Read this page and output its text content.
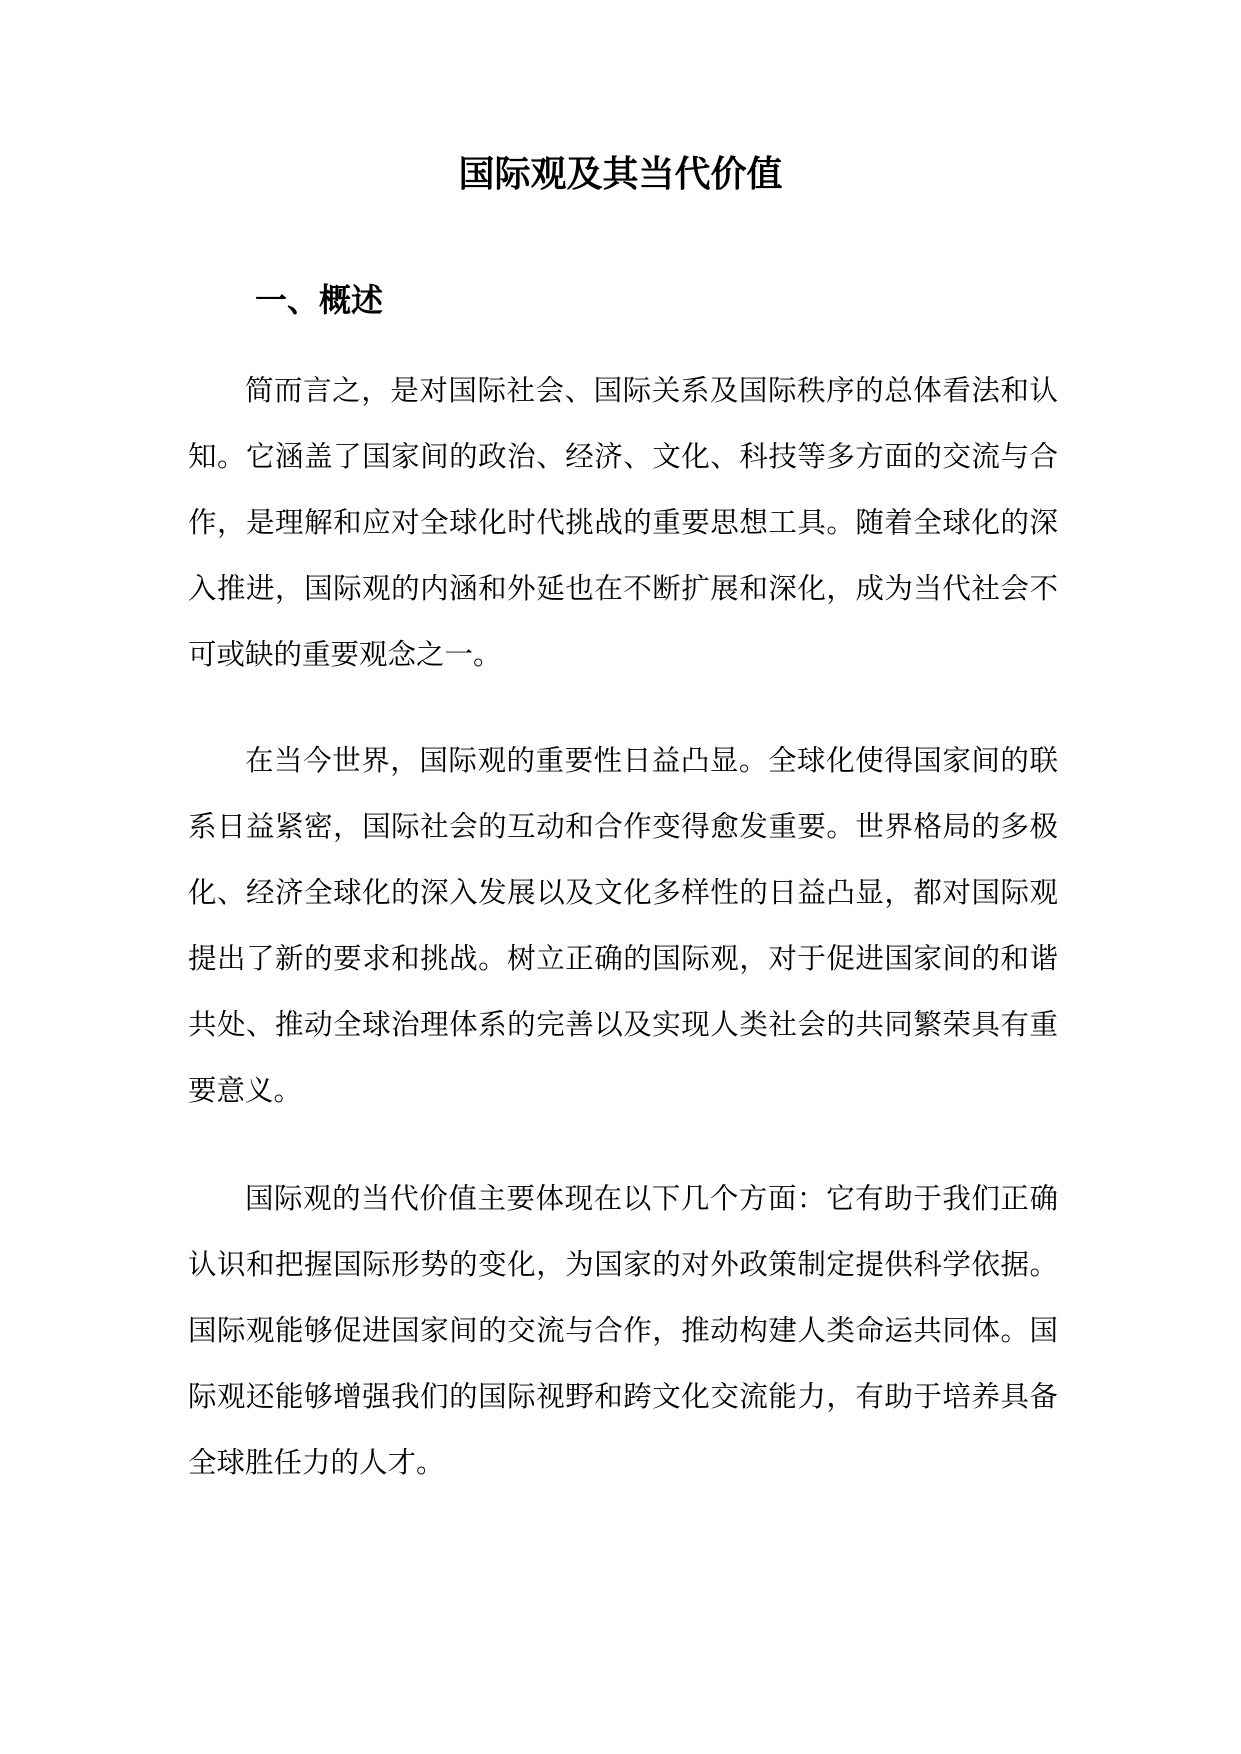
国际观及其当代价值
一、概述

简而言之，是对国际社会、国际关系及国际秩序的总体看法和认知。它涵盖了国家间的政治、经济、文化、科技等多方面的交流与合作，是理解和应对全球化时代挑战的重要思想工具。随着全球化的深入推进，国际观的内涵和外延也在不断扩展和深化，成为当代社会不可或缺的重要观念之一。

在当今世界，国际观的重要性日益凸显。全球化使得国家间的联系日益紧密，国际社会的互动和合作变得愈发重要。世界格局的多极化、经济全球化的深入发展以及文化多样性的日益凸显，都对国际观提出了新的要求和挑战。树立正确的国际观，对于促进国家间的和谐共处、推动全球治理体系的完善以及实现人类社会的共同繁荣具有重要意义。

国际观的当代价值主要体现在以下几个方面：它有助于我们正确认识和把握国际形势的变化，为国家的对外政策制定提供科学依据。国际观能够促进国家间的交流与合作，推动构建人类命运共同体。国际观还能够增强我们的国际视野和跨文化交流能力，有助于培养具备全球胜任力的人才。
